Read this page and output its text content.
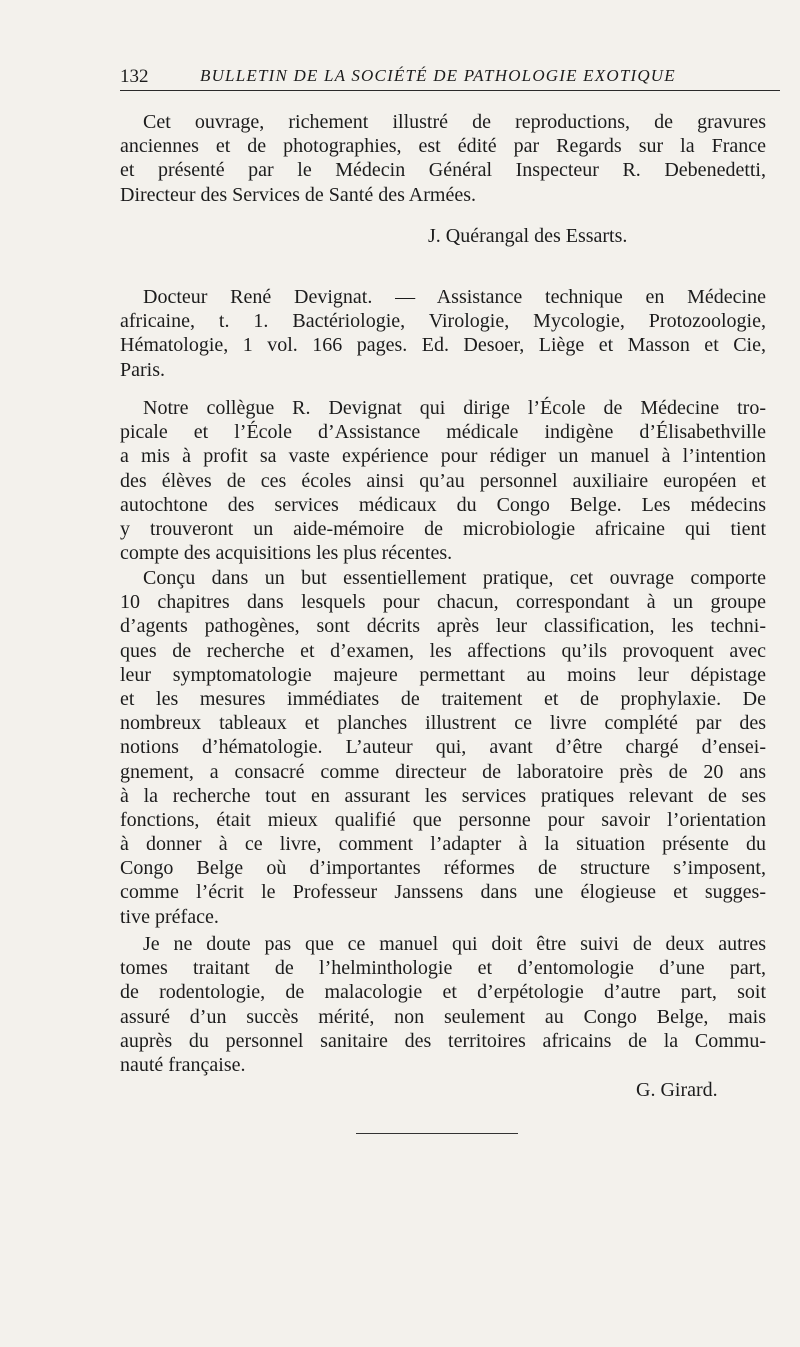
132	BULLETIN DE LA SOCIÉTÉ DE PATHOLOGIE EXOTIQUE
Cet ouvrage, richement illustré de reproductions, de gravures
anciennes et de photographies, est édité par Regards sur la France
et présenté par le Médecin Général Inspecteur R. Debenedetti,
Directeur des Services de Santé des Armées.
J. Quérangal des Essarts.
Docteur René Devignat. — Assistance technique en Médecine
africaine, t. 1. Bactériologie, Virologie, Mycologie, Protozoologie,
Hématologie, 1 vol. 166 pages. Ed. Desoer, Liège et Masson et Cie,
Paris.
Notre collègue R. Devignat qui dirige l’École de Médecine tro-
picale et l’École d’Assistance médicale indigène d’Élisabethville
a mis à profit sa vaste expérience pour rédiger un manuel à l’intention
des élèves de ces écoles ainsi qu’au personnel auxiliaire européen et
autochtone des services médicaux du Congo Belge. Les médecins
y trouveront un aide-mémoire de microbiologie africaine qui tient
compte des acquisitions les plus récentes.
Conçu dans un but essentiellement pratique, cet ouvrage comporte
10 chapitres dans lesquels pour chacun, correspondant à un groupe
d’agents pathogènes, sont décrits après leur classification, les techni-
ques de recherche et d’examen, les affections qu’ils provoquent avec
leur symptomatologie majeure permettant au moins leur dépistage
et les mesures immédiates de traitement et de prophylaxie. De
nombreux tableaux et planches illustrent ce livre complété par des
notions d’hématologie. L’auteur qui, avant d’être chargé d’ensei-
gnement, a consacré comme directeur de laboratoire près de 20 ans
à la recherche tout en assurant les services pratiques relevant de ses
fonctions, était mieux qualifié que personne pour savoir l’orientation
à donner à ce livre, comment l’adapter à la situation présente du
Congo Belge où d’importantes réformes de structure s’imposent,
comme l’écrit le Professeur Janssens dans une élogieuse et sugges-
tive préface.
Je ne doute pas que ce manuel qui doit être suivi de deux autres
tomes traitant de l’helminthologie et d’entomologie d’une part,
de rodentologie, de malacologie et d’erpétologie d’autre part, soit
assuré d’un succès mérité, non seulement au Congo Belge, mais
auprès du personnel sanitaire des territoires africains de la Commu-
nauté française.
G. Girard.
